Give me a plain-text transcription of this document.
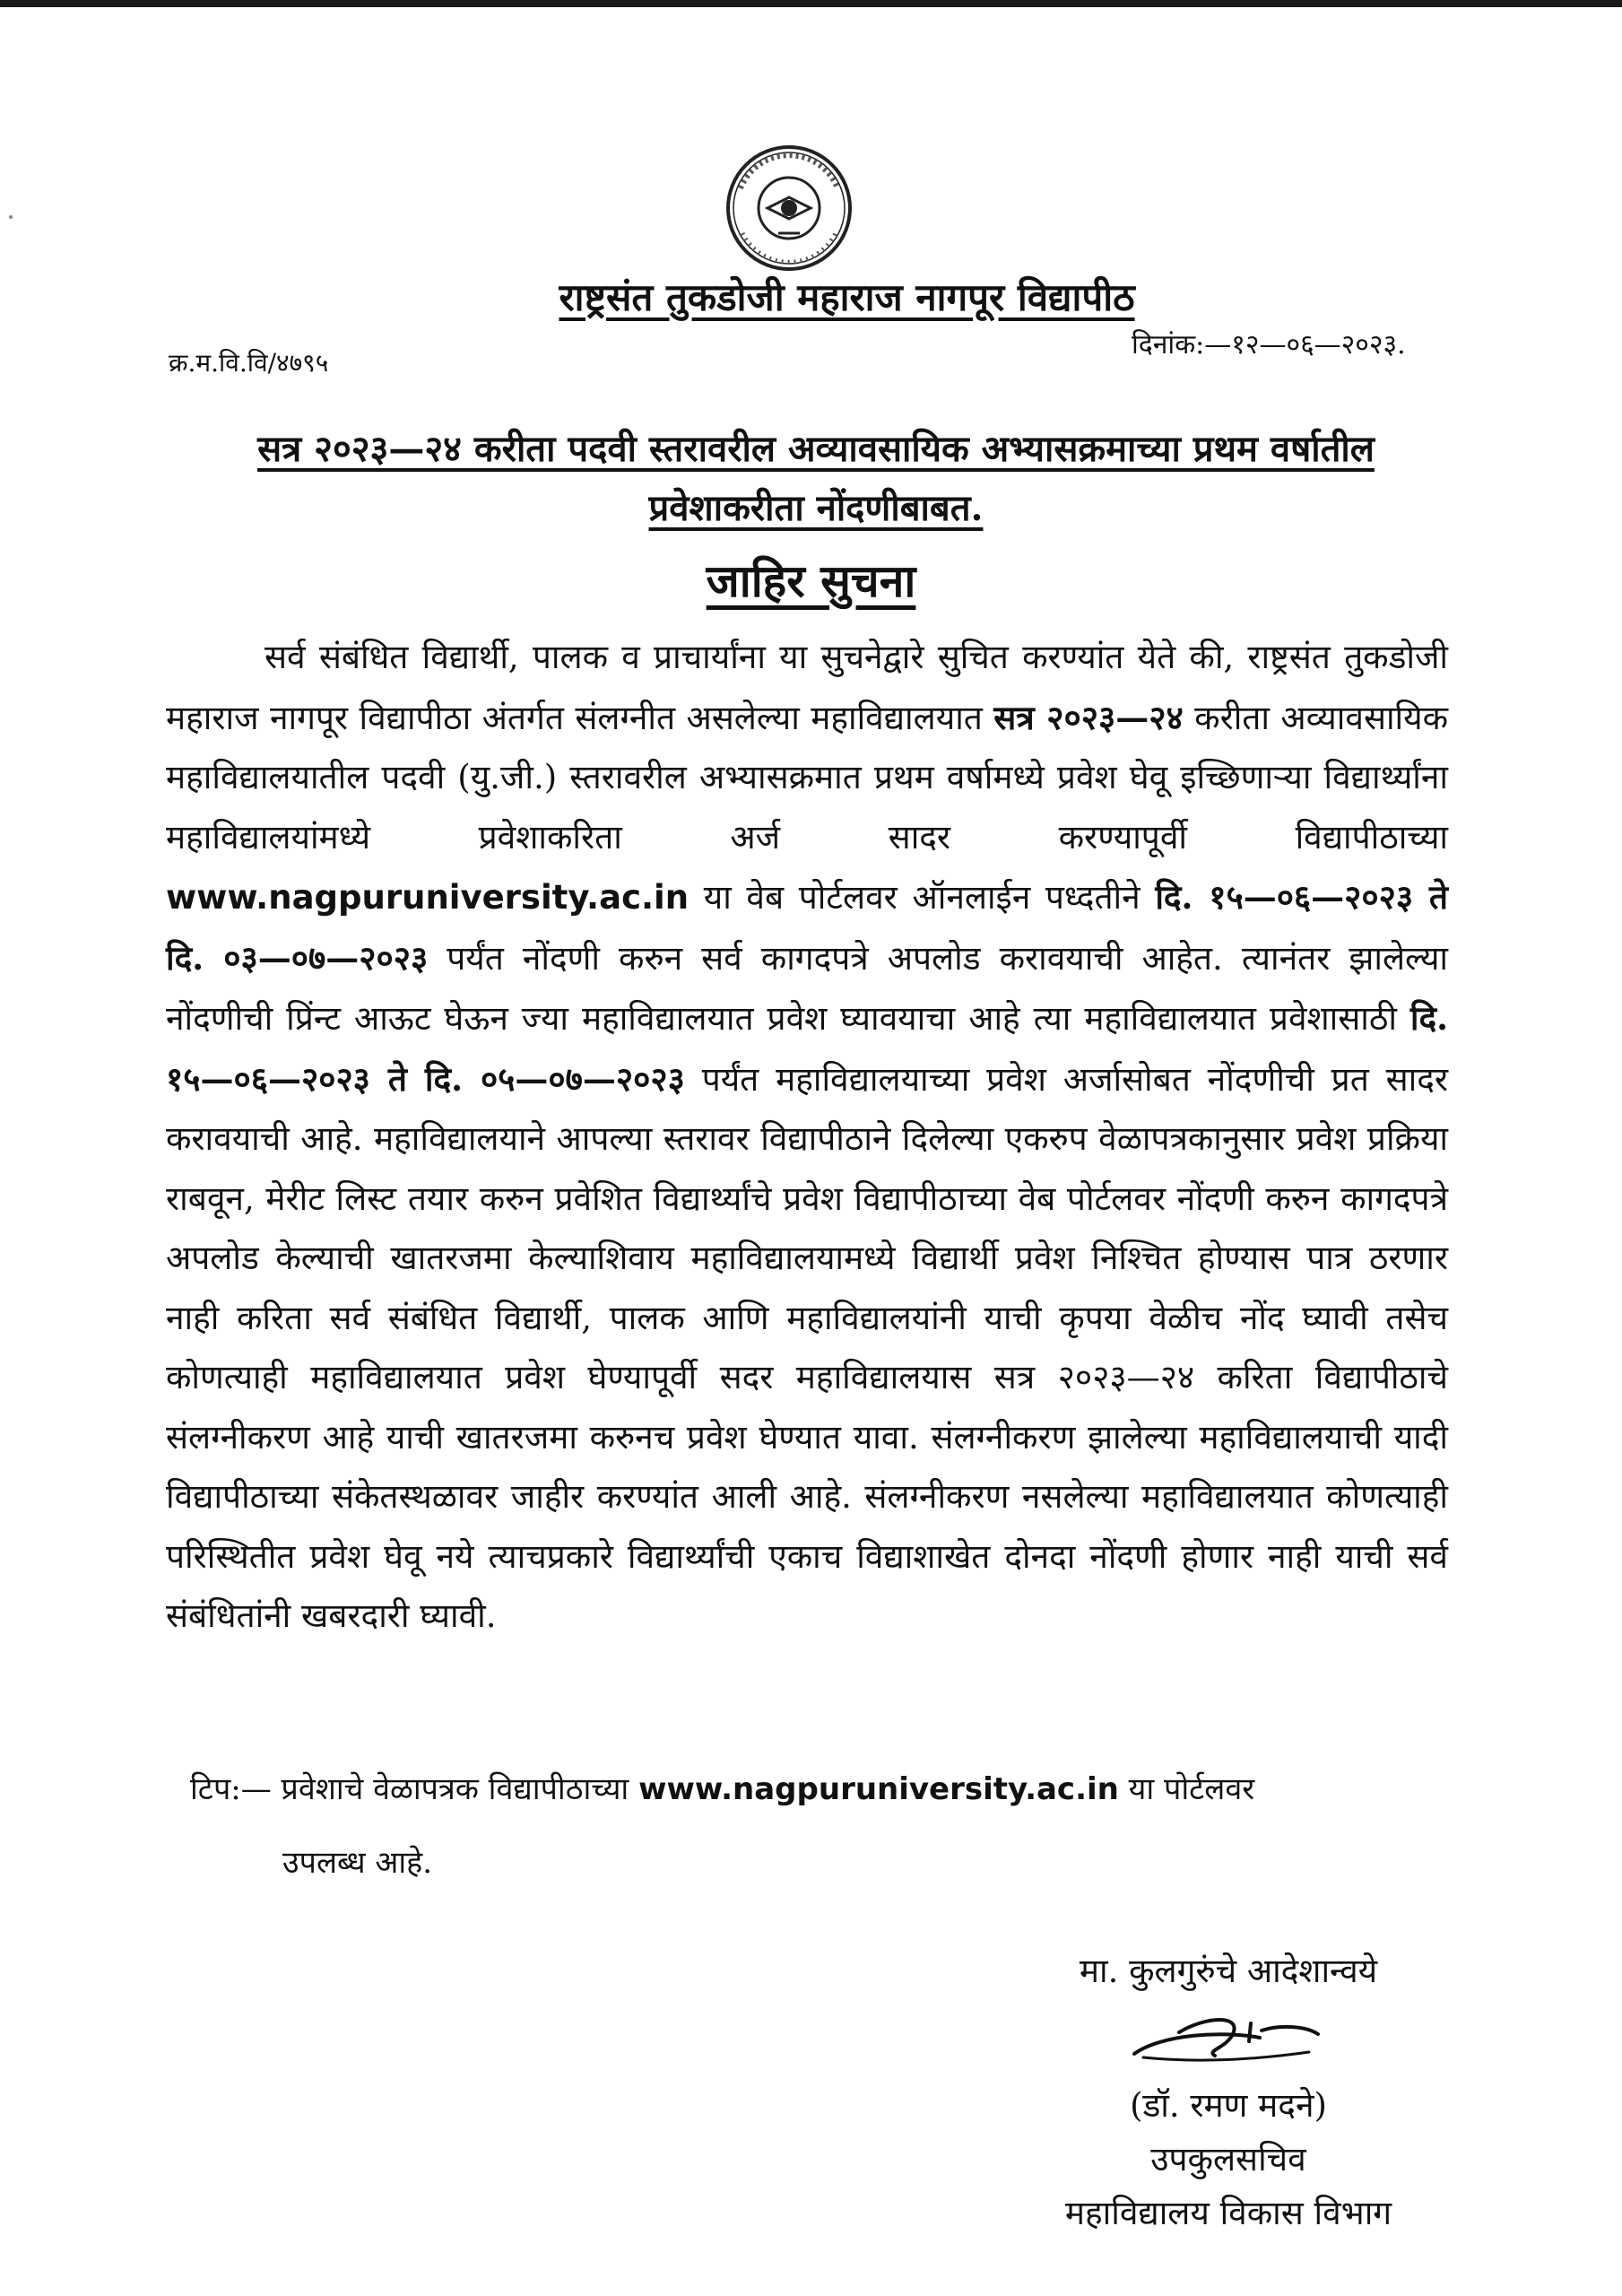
राष्ट्रसंत तुकडोजी महाराज नागपूर विद्यापीठ
क्र.म.वि.वि/४७९५
दिनांक:—१२—०६—२०२३.
सत्र २०२३—२४ करीता पदवी स्तरावरील अव्यावसायिक अभ्यासक्रमाच्या प्रथम वर्षातील
प्रवेशाकरीता नोंदणीबाबत.
जाहिर सुचना

सर्व संबंधित विद्यार्थी, पालक व प्राचार्यांना या सुचनेद्वारे सुचित करण्यांत येते की, राष्ट्रसंत तुकडोजी महाराज नागपूर विद्यापीठा अंतर्गत संलग्नीत असलेल्या महाविद्यालयात सत्र २०२३—२४ करीता अव्यावसायिक महाविद्यालयातील पदवी (यु.जी.) स्तरावरील अभ्यासक्रमात प्रथम वर्षामध्ये प्रवेश घेवू इच्छिणाऱ्या विद्यार्थ्यांना महाविद्यालयांमध्ये प्रवेशाकरिता अर्ज सादर करण्यापूर्वी विद्यापीठाच्या www.nagpuruniversity.ac.in या वेब पोर्टलवर ऑनलाईन पध्दतीने दि. १५—०६—२०२३ ते दि. ०३—०७—२०२३ पर्यंत नोंदणी करुन सर्व कागदपत्रे अपलोड करावयाची आहेत. त्यानंतर झालेल्या नोंदणीची प्रिंन्ट आऊट घेऊन ज्या महाविद्यालयात प्रवेश घ्यावयाचा आहे त्या महाविद्यालयात प्रवेशासाठी दि. १५—०६—२०२३ ते दि. ०५—०७—२०२३ पर्यंत महाविद्यालयाच्या प्रवेश अर्जासोबत नोंदणीची प्रत सादर करावयाची आहे. महाविद्यालयाने आपल्या स्तरावर विद्यापीठाने दिलेल्या एकरुप वेळापत्रकानुसार प्रवेश प्रक्रिया राबवून, मेरीट लिस्ट तयार करुन प्रवेशित विद्यार्थ्यांचे प्रवेश विद्यापीठाच्या वेब पोर्टलवर नोंदणी करुन कागदपत्रे अपलोड केल्याची खातरजमा केल्याशिवाय महाविद्यालयामध्ये विद्यार्थी प्रवेश निश्चित होण्यास पात्र ठरणार नाही करिता सर्व संबंधित विद्यार्थी, पालक आणि महाविद्यालयांनी याची कृपया वेळीच नोंद घ्यावी तसेच कोणत्याही महाविद्यालयात प्रवेश घेण्यापूर्वी सदर महाविद्यालयास सत्र २०२३—२४ करिता विद्यापीठाचे संलग्नीकरण आहे याची खातरजमा करुनच प्रवेश घेण्यात यावा. संलग्नीकरण झालेल्या महाविद्यालयाची यादी विद्यापीठाच्या संकेतस्थळावर जाहीर करण्यांत आली आहे. संलग्नीकरण नसलेल्या महाविद्यालयात कोणत्याही परिस्थितीत प्रवेश घेवू नये त्याचप्रकारे विद्यार्थ्यांची एकाच विद्याशाखेत दोनदा नोंदणी होणार नाही याची सर्व संबंधितांनी खबरदारी घ्यावी.

टिप:— प्रवेशाचे वेळापत्रक विद्यापीठाच्या www.nagpuruniversity.ac.in या पोर्टलवर
उपलब्ध आहे.
मा. कुलगुरुंचे आदेशान्वये
(डॉ. रमण मदने)
उपकुलसचिव
महाविद्यालय विकास विभाग
